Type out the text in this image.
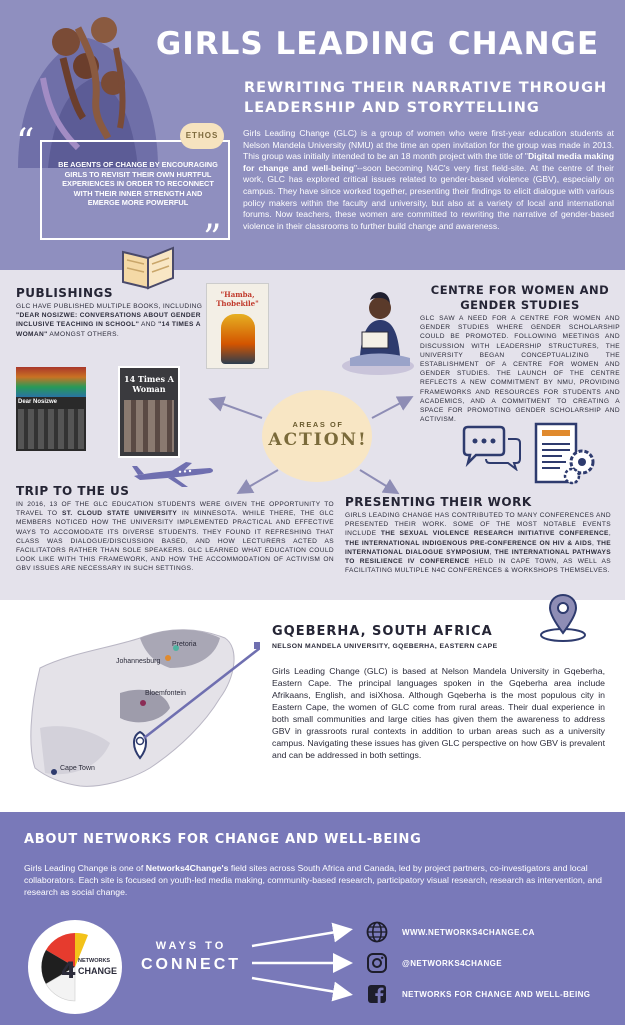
GIRLS LEADING CHANGE
REWRITING THEIR NARRATIVE THROUGH
LEADERSHIP AND STORYTELLING
Girls Leading Change (GLC) is a group of women who were first-year education students at Nelson Mandela University (NMU) at the time an open invitation for the group was made in 2013. This group was initially intended to be an 18 month project with the title of "Digital media making for change and well-being"--soon becoming N4C's very first field-site. At the centre of their work, GLC has explored critical issues related to gender-based violence (GBV), especially on campus. They have since worked together, presenting their findings to elicit dialogue with various policy makers within the faculty and university, but also at a variety of local and international forums. Now teachers, these women are committed to rewriting the narrative of gender-based violence in their classrooms to further build change and awareness.
“
”
ETHOS
BE AGENTS OF CHANGE BY ENCOURAGING GIRLS TO REVISIT THEIR OWN HURTFUL EXPERIENCES IN ORDER TO RECONNECT WITH THEIR INNER STRENGTH AND EMERGE MORE POWERFUL
PUBLISHINGS
GLC HAVE PUBLISHED MULTIPLE BOOKS, INCLUDING "DEAR NOSIZWE: CONVERSATIONS ABOUT GENDER INCLUSIVE TEACHING IN SCHOOL" AND "14 TIMES A WOMAN" AMONGST OTHERS.
Dear Nosizwe
14 Times A Woman
"Hamba, Thobekile"
CENTRE FOR WOMEN AND
GENDER STUDIES
GLC SAW A NEED FOR A CENTRE FOR WOMEN AND GENDER STUDIES WHERE GENDER SCHOLARSHIP COULD BE PROMOTED. FOLLOWING MEETINGS AND DISCUSSION WITH LEADERSHIP STRUCTURES, THE UNIVERSITY BEGAN CONCEPTUALIZING THE ESTABLISHMENT OF A CENTRE FOR WOMEN AND GENDER STUDIES. THE LAUNCH OF THE CENTRE REFLECTS A NEW COMMITMENT BY NMU, PROVIDING FRAMEWORKS AND RESOURCES FOR STUDENTS AND ACADEMICS, AND A COMMITMENT TO CREATING A SPACE FOR PROMOTING GENDER SCHOLARSHIP AND ACTIVISM.
AREAS OF
ACTION!
TRIP TO THE US
IN 2016, 13 OF THE GLC EDUCATION STUDENTS WERE GIVEN THE OPPORTUNITY TO TRAVEL TO ST. CLOUD STATE UNIVERSITY IN MINNESOTA. WHILE THERE, THE GLC MEMBERS NOTICED HOW THE UNIVERSITY IMPLEMENTED PRACTICAL AND EFFECTIVE WAYS TO ACCOMODATE ITS DIVERSE STUDENTS. THEY FOUND IT REFRESHING THAT CLASS WAS DIALOGUE/DISCUSSION BASED, AND HOW LECTURERS ACTED AS FACILITATORS RATHER THAN SOLE SPEAKERS. GLC LEARNED WHAT EDUCATION COULD LOOK LIKE WITH THIS FRAMEWORK, AND HOW THE ACCOMMODATION OF ACTIVISM ON GBV ISSUES ARE NECESSARY IN SUCH SETTINGS.
PRESENTING THEIR WORK
GIRLS LEADING CHANGE HAS CONTRIBUTED TO MANY CONFERENCES AND PRESENTED THEIR WORK. SOME OF THE MOST NOTABLE EVENTS INCLUDE THE SEXUAL VIOLENCE RESEARCH INITIATIVE CONFERENCE, THE INTERNATIONAL INDIGENOUS PRE-CONFERENCE ON HIV & AIDS, THE INTERNATIONAL DIALOGUE SYMPOSIUM, THE INTERNATIONAL PATHWAYS TO RESILIENCE IV CONFERENCE HELD IN CAPE TOWN, AS WELL AS FACILITATING MULTIPLE N4C CONFERENCES & WORKSHOPS THEMSELVES.
Pretoria
Johannesburg
Bloemfontein
Cape Town
GQEBERHA, SOUTH AFRICA
NELSON MANDELA UNIVERSITY, GQEBERHA, EASTERN CAPE
Girls Leading Change (GLC) is based at Nelson Mandela University in Gqeberha, Eastern Cape. The principal languages spoken in the Gqeberha area include Afrikaans, English, and isiXhosa. Although Gqeberha is the most populous city in Eastern Cape, the women of GLC come from rural areas. Their dual experience in both small communities and large cities has given them the awareness to address GBV in grassroots rural contexts in addition to urban areas such as a university campus. Navigating these issues has given GLC perspective on how GBV is prevalent and can be addressed in both settings.
ABOUT NETWORKS FOR CHANGE AND WELL-BEING
Girls Leading Change is one of Networks4Change's field sites across South Africa and Canada, led by project partners, co-investigators and local collaborators. Each site is focused on youth-led media making, community-based research, participatory visual research, research as intervention, and research as social change.
4 NETWORKS
CHANGE
WAYS TO
CONNECT
WWW.NETWORKS4CHANGE.CA
@NETWORKS4CHANGE
NETWORKS FOR CHANGE AND WELL-BEING
